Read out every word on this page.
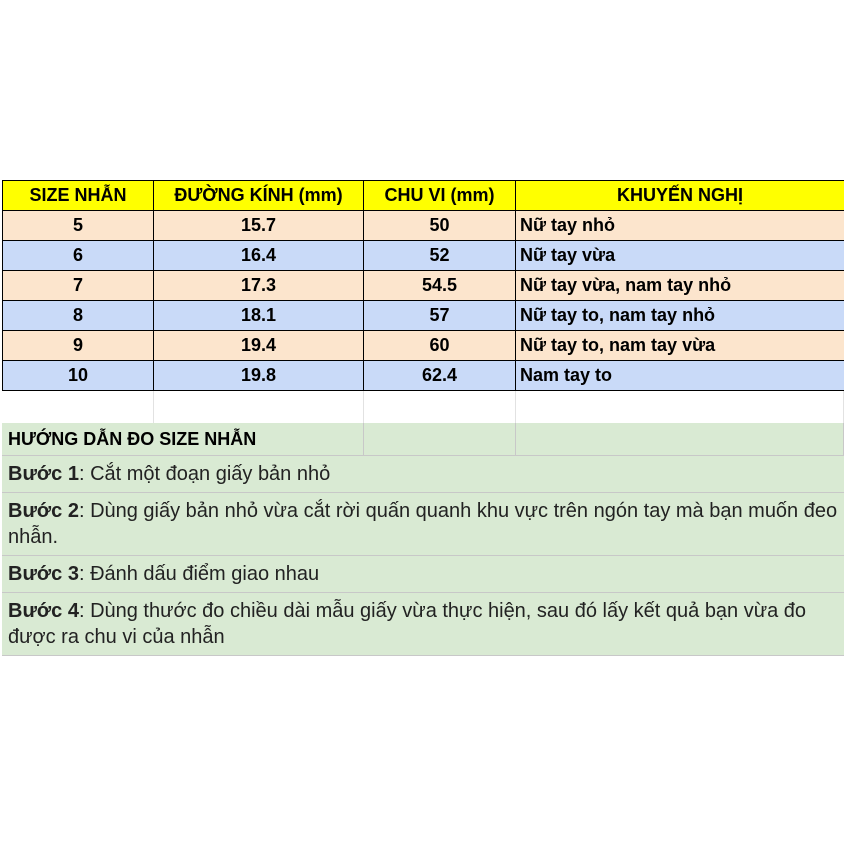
SIZE NHẪN	ĐƯỜNG KÍNH (mm)	CHU VI (mm)	KHUYẾN NGHỊ
5	15.7	50	Nữ tay nhỏ
6	16.4	52	Nữ tay vừa
7	17.3	54.5	Nữ tay vừa, nam tay nhỏ
8	18.1	57	Nữ tay to, nam tay nhỏ
9	19.4	60	Nữ tay to, nam tay vừa
10	19.8	62.4	Nam tay to
HƯỚNG DẪN ĐO SIZE NHẪN
Bước 1: Cắt một đoạn giấy bản nhỏ
Bước 2: Dùng giấy bản nhỏ vừa cắt rời quấn quanh khu vực trên ngón tay mà bạn muốn đeo nhẫn.
Bước 3: Đánh dấu điểm giao nhau
Bước 4: Dùng thước đo chiều dài mẫu giấy vừa thực hiện, sau đó lấy kết quả bạn vừa đo được ra chu vi của nhẫn
